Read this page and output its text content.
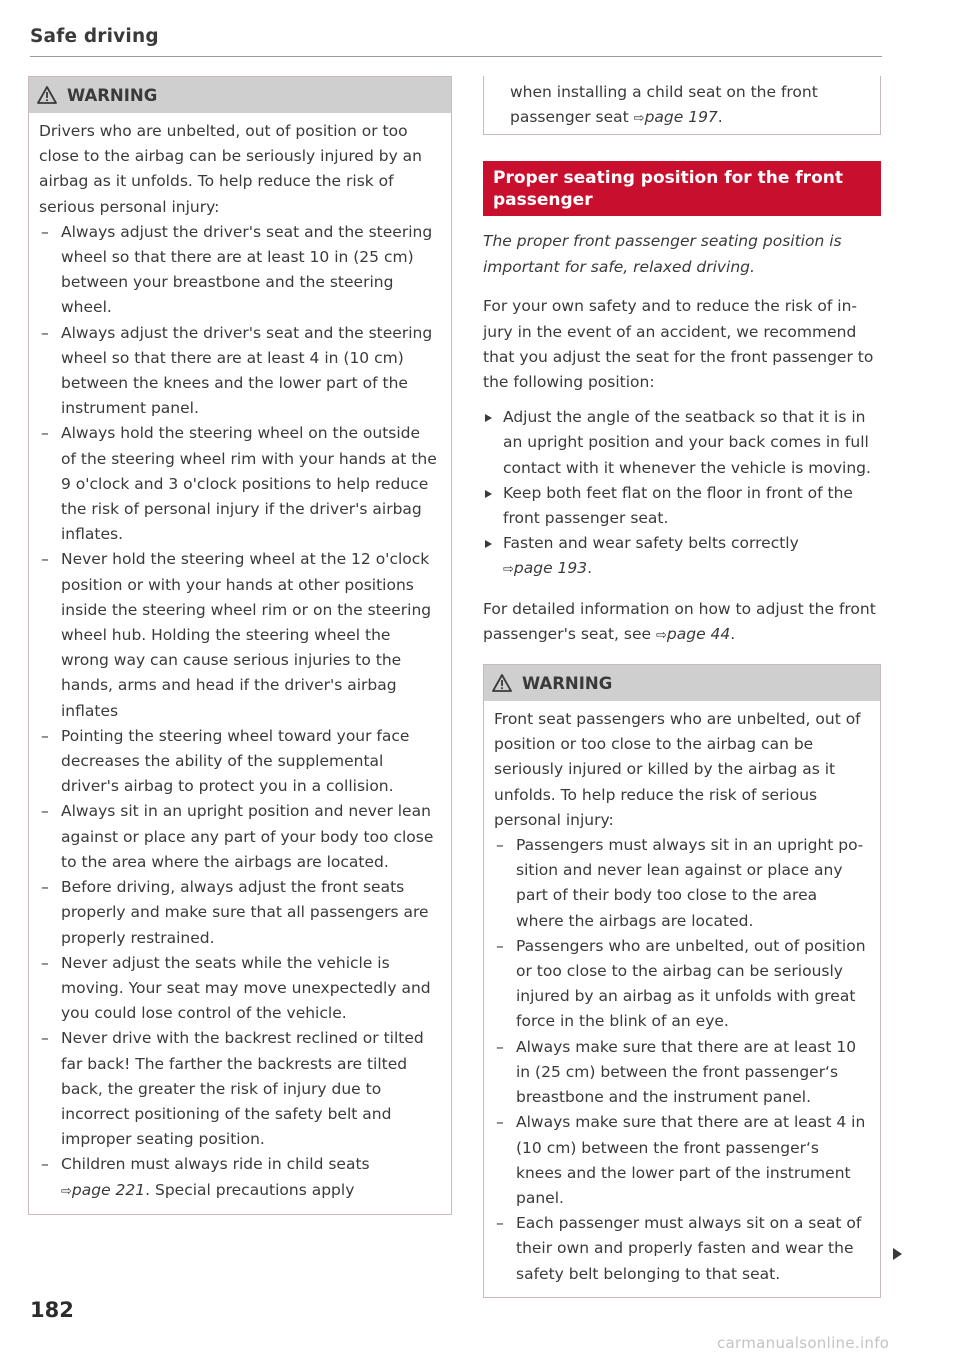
Safe driving
WARNING

Drivers who are unbelted, out of position or too close to the airbag can be seriously injured by an airbag as it unfolds. To help reduce the risk of serious personal injury:

– Always adjust the driver's seat and the steering wheel so that there are at least 10 in (25 cm) between your breastbone and the steering wheel.
– Always adjust the driver's seat and the steering wheel so that there are at least 4 in (10 cm) between the knees and the lower part of the instrument panel.
– Always hold the steering wheel on the outside of the steering wheel rim with your hands at the 9 o'clock and 3 o'clock positions to help reduce the risk of personal injury if the driver's airbag inflates.
– Never hold the steering wheel at the 12 o'clock position or with your hands at other positions inside the steering wheel rim or on the steering wheel hub. Holding the steering wheel the wrong way can cause serious injuries to the hands, arms and head if the driver's airbag inflates
– Pointing the steering wheel toward your face decreases the ability of the supplemental driver's airbag to protect you in a collision.
– Always sit in an upright position and never lean against or place any part of your body too close to the area where the airbags are located.
– Before driving, always adjust the front seats properly and make sure that all passengers are properly restrained.
– Never adjust the seats while the vehicle is moving. Your seat may move unexpectedly and you could lose control of the vehicle.
– Never drive with the backrest reclined or tilted far back! The farther the backrests are tilted back, the greater the risk of injury due to incorrect positioning of the safety belt and improper seating position.
– Children must always ride in child seats
⇨page 221. Special precautions apply
when installing a child seat on the front passenger seat ⇨page 197.
Proper seating position for the front passenger

The proper front passenger seating position is important for safe, relaxed driving.

For your own safety and to reduce the risk of injury in the event of an accident, we recommend that you adjust the seat for the front passenger to the following position:

Adjust the angle of the seatback so that it is in an upright position and your back comes in full contact with it whenever the vehicle is moving.
Keep both feet flat on the floor in front of the front passenger seat.
Fasten and wear safety belts correctly
⇨page 193.

For detailed information on how to adjust the front passenger's seat, see ⇨page 44.

WARNING

Front seat passengers who are unbelted, out of position or too close to the airbag can be seriously injured or killed by the airbag as it unfolds. To help reduce the risk of serious personal injury:

– Passengers must always sit in an upright position and never lean against or place any part of their body too close to the area where the airbags are located.
– Passengers who are unbelted, out of position or too close to the airbag can be seriously injured by an airbag as it unfolds with great force in the blink of an eye.
– Always make sure that there are at least 10 in (25 cm) between the front passenger‘s breastbone and the instrument panel.
– Always make sure that there are at least 4 in (10 cm) between the front passenger‘s knees and the lower part of the instrument panel.
– Each passenger must always sit on a seat of their own and properly fasten and wear the safety belt belonging to that seat.
182
carmanualsonline.info
